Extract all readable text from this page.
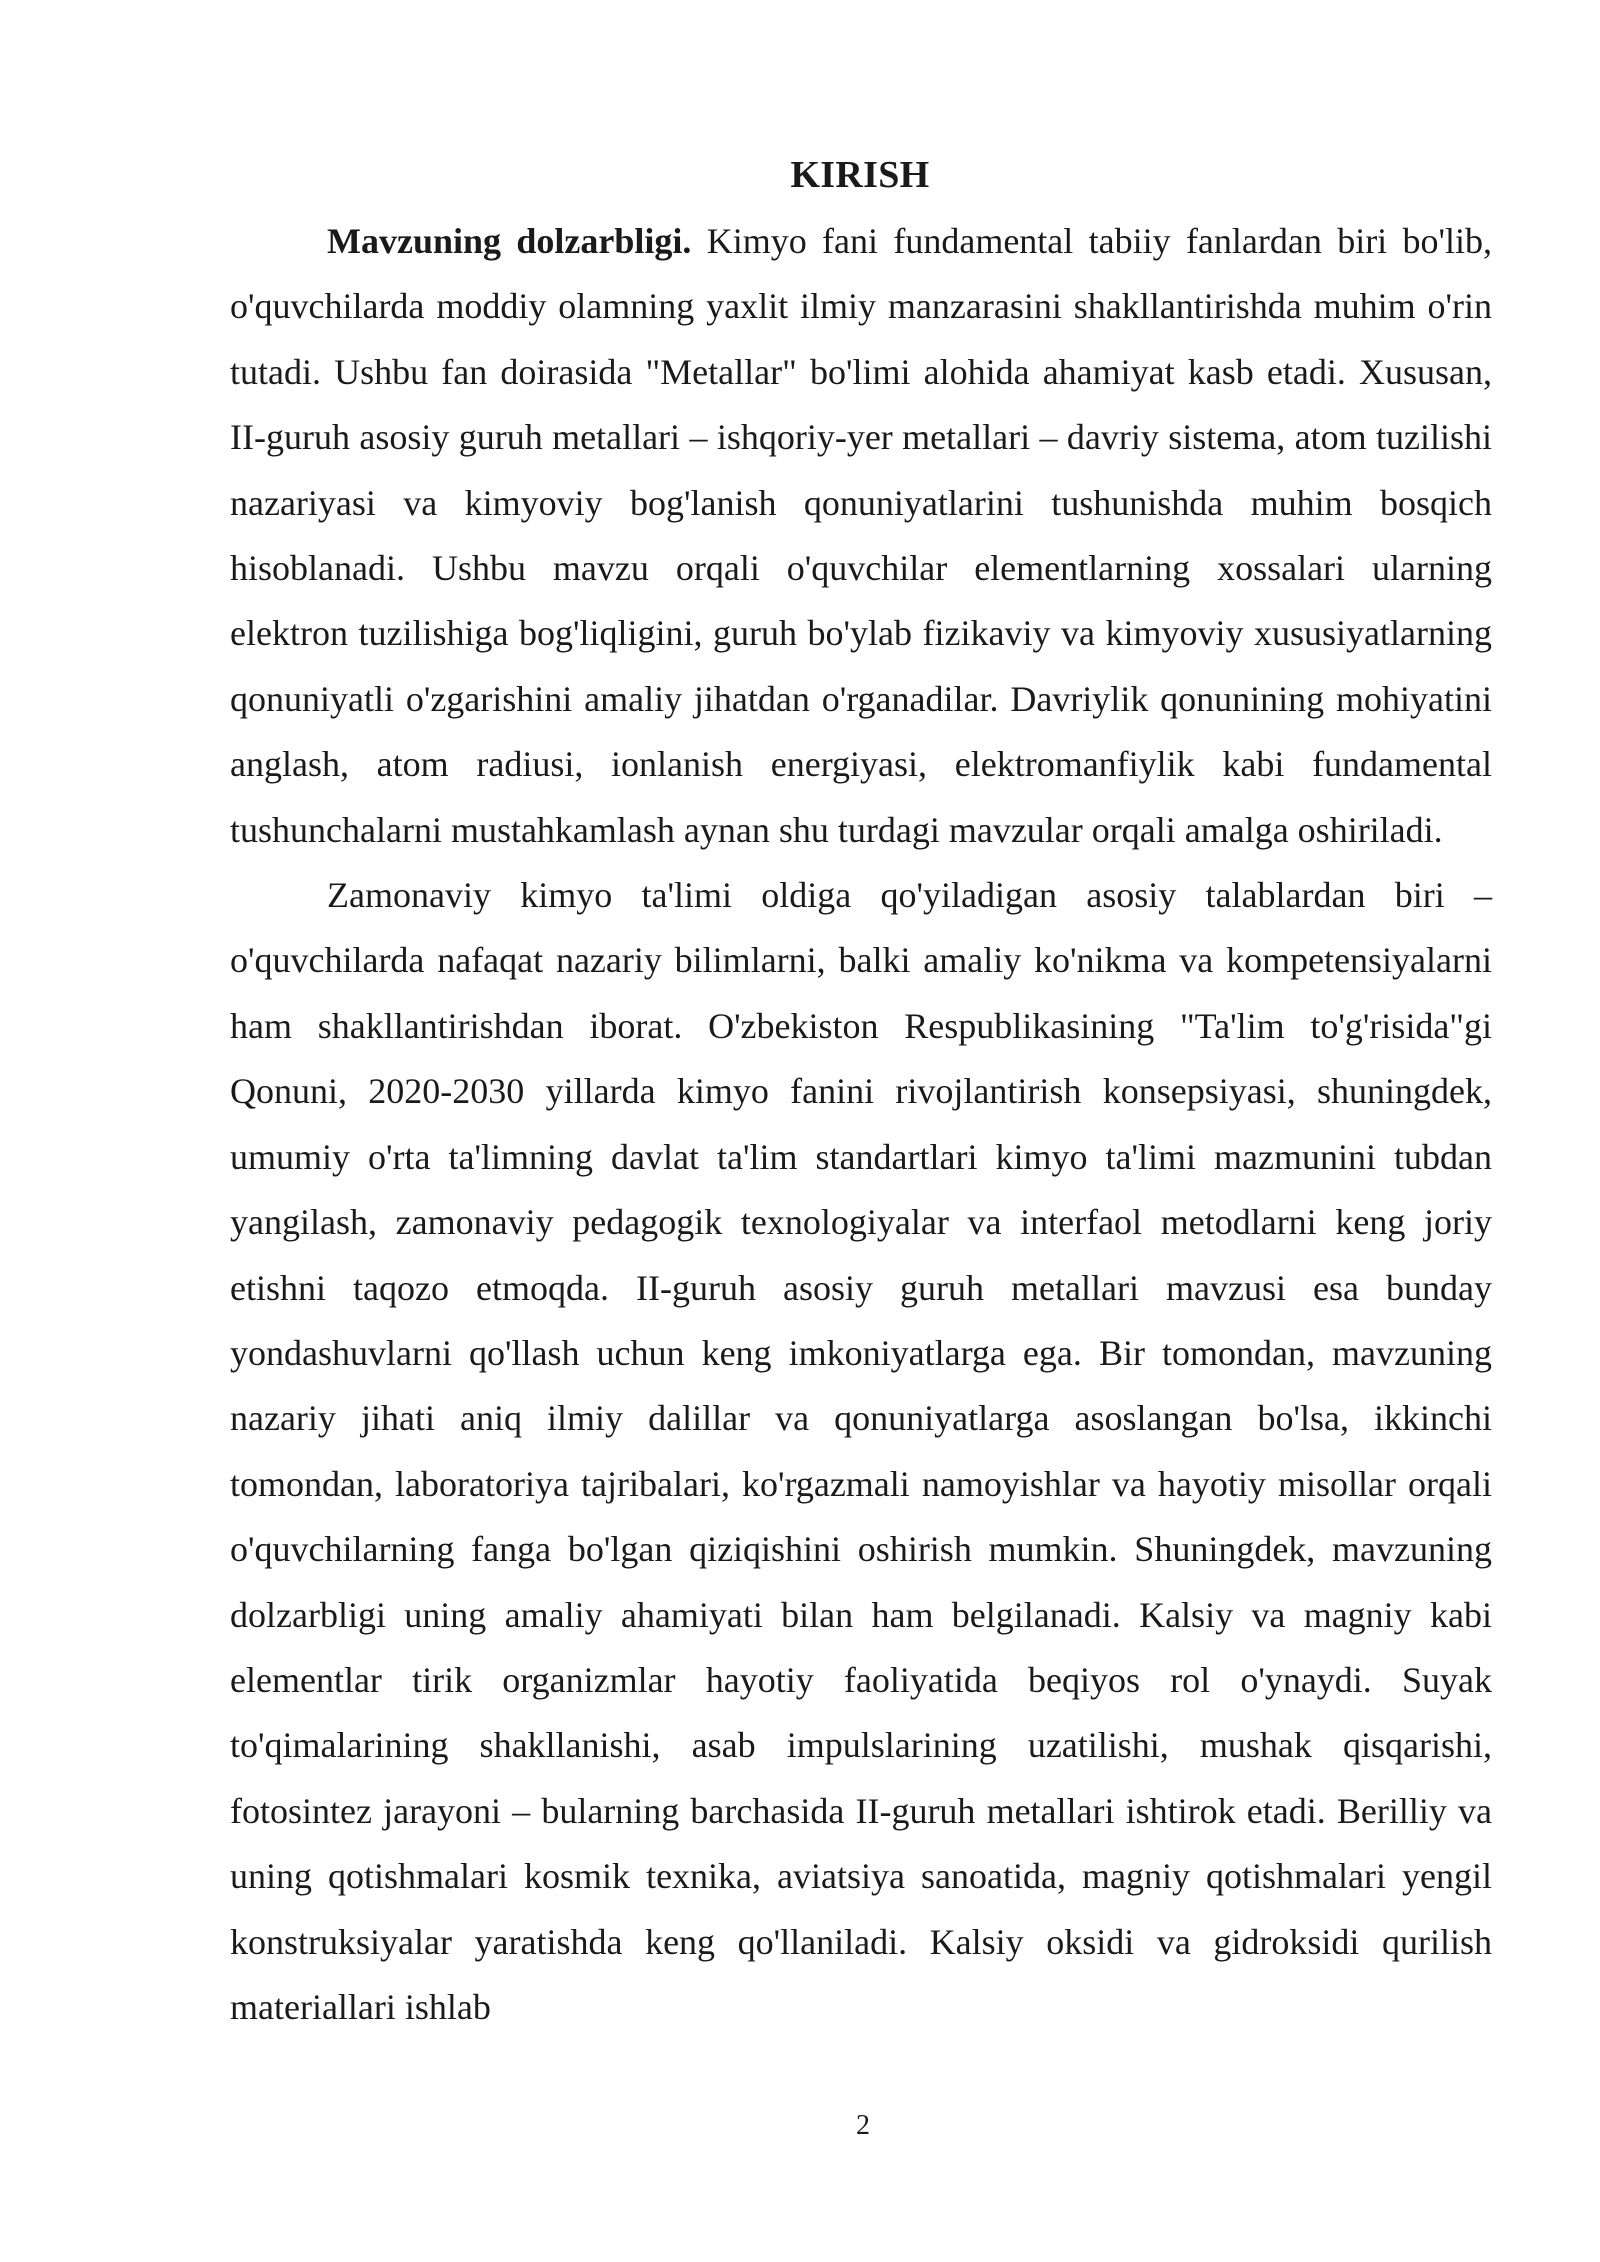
KIRISH

Mavzuning dolzarbligi. Kimyo fani fundamental tabiiy fanlardan biri bo'lib, o'quvchilarda moddiy olamning yaxlit ilmiy manzarasini shakllantirishda muhim o'rin tutadi. Ushbu fan doirasida "Metallar" bo'limi alohida ahamiyat kasb etadi. Xususan, II-guruh asosiy guruh metallari – ishqoriy-yer metallari – davriy sistema, atom tuzilishi nazariyasi va kimyoviy bog'lanish qonuniyatlarini tushunishda muhim bosqich hisoblanadi. Ushbu mavzu orqali o'quvchilar elementlarning xossalari ularning elektron tuzilishiga bog'liqligini, guruh bo'ylab fizikaviy va kimyoviy xususiyatlarning qonuniyatli o'zgarishini amaliy jihatdan o'rganadilar. Davriylik qonunining mohiyatini anglash, atom radiusi, ionlanish energiyasi, elektromanfiylik kabi fundamental tushunchalarni mustahkamlash aynan shu turdagi mavzular orqali amalga oshiriladi.

Zamonaviy kimyo ta'limi oldiga qo'yiladigan asosiy talablardan biri – o'quvchilarda nafaqat nazariy bilimlarni, balki amaliy ko'nikma va kompetensiyalarni ham shakllantirishdan iborat. O'zbekiston Respublikasining "Ta'lim to'g'risida"gi Qonuni, 2020-2030 yillarda kimyo fanini rivojlantirish konsepsiyasi, shuningdek, umumiy o'rta ta'limning davlat ta'lim standartlari kimyo ta'limi mazmunini tubdan yangilash, zamonaviy pedagogik texnologiyalar va interfaol metodlarni keng joriy etishni taqozo etmoqda. II-guruh asosiy guruh metallari mavzusi esa bunday yondashuvlarni qo'llash uchun keng imkoniyatlarga ega. Bir tomondan, mavzuning nazariy jihati aniq ilmiy dalillar va qonuniyatlarga asoslangan bo'lsa, ikkinchi tomondan, laboratoriya tajribalari, ko'rgazmali namoyishlar va hayotiy misollar orqali o'quvchilarning fanga bo'lgan qiziqishini oshirish mumkin. Shuningdek, mavzuning dolzarbligi uning amaliy ahamiyati bilan ham belgilanadi. Kalsiy va magniy kabi elementlar tirik organizmlar hayotiy faoliyatida beqiyos rol o'ynaydi. Suyak to'qimalarining shakllanishi, asab impulslarining uzatilishi, mushak qisqarishi, fotosintez jarayoni – bularning barchasida II-guruh metallari ishtirok etadi. Berilliy va uning qotishmalari kosmik texnika, aviatsiya sanoatida, magniy qotishmalari yengil konstruksiyalar yaratishda keng qo'llaniladi. Kalsiy oksidi va gidroksidi qurilish materiallari ishlab

2
